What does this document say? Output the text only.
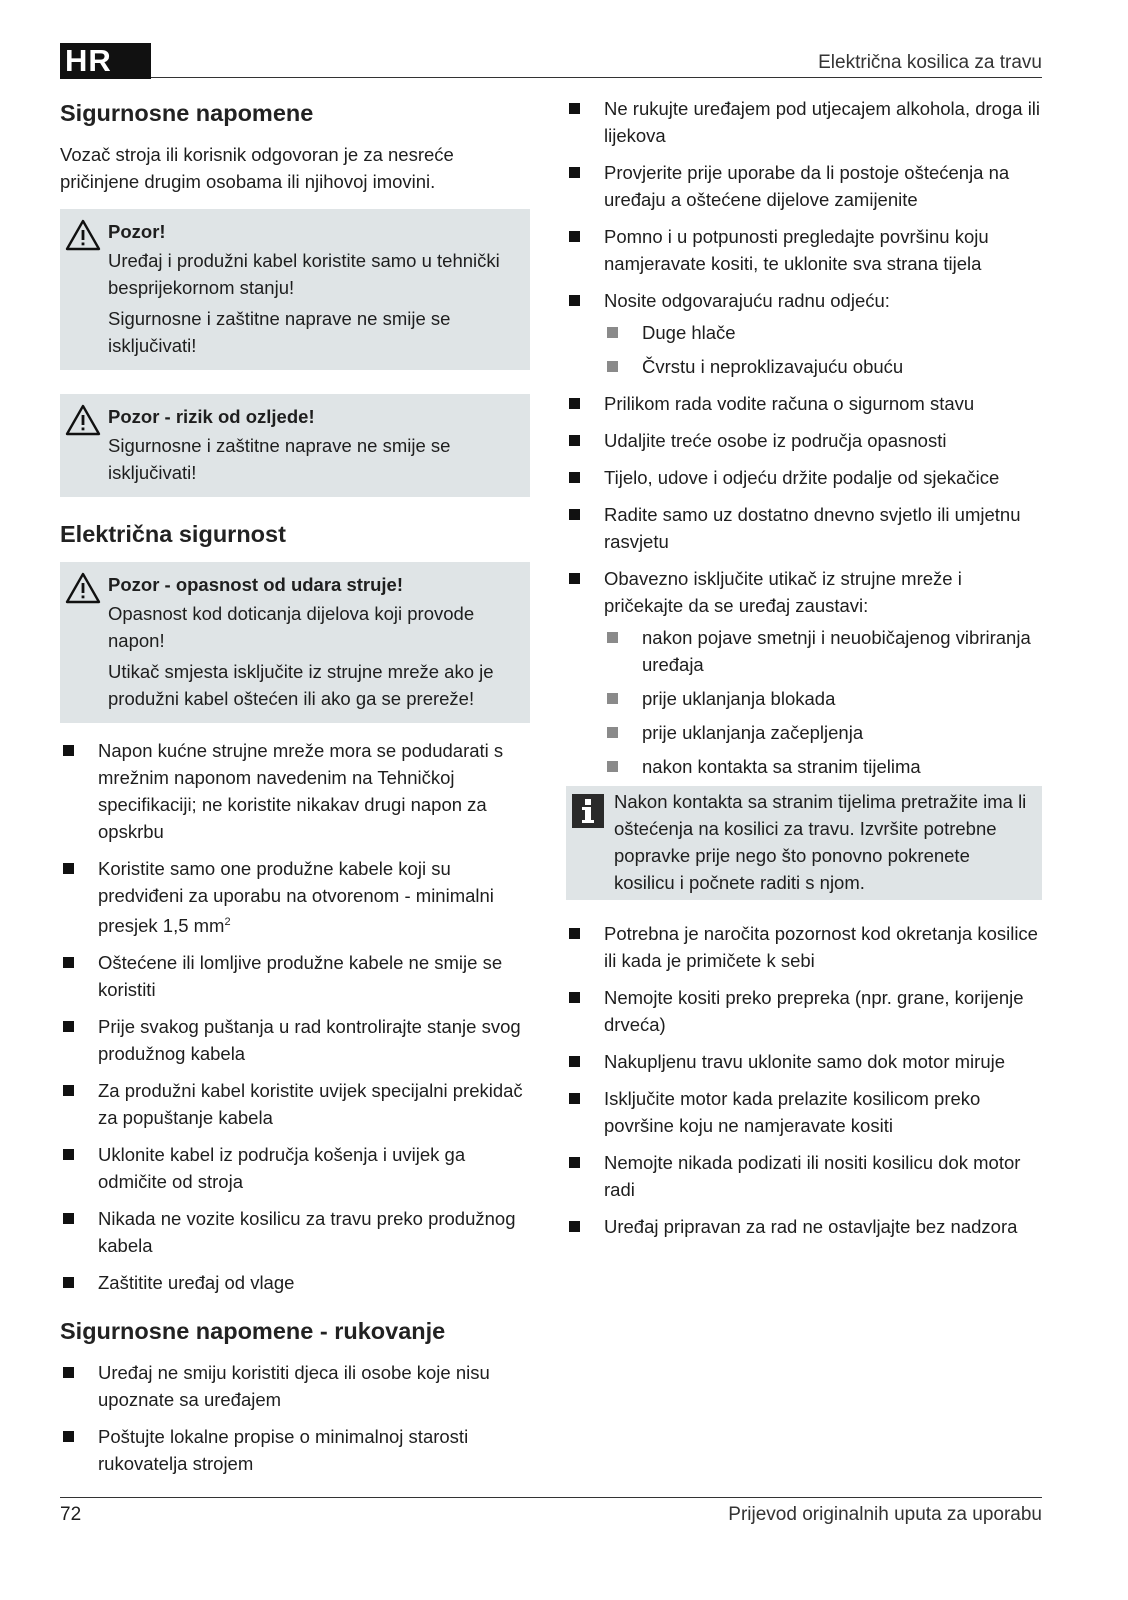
HR	Električna kosilica za travu
Sigurnosne napomene

Vozač stroja ili korisnik odgovoran je za nesreće pričinjene drugim osobama ili njihovoj imovini.

Pozor!

Uređaj i produžni kabel koristite samo u tehnički besprijekornom stanju!

Sigurnosne i zaštitne naprave ne smije se isključivati!

Pozor - rizik od ozljede!

Sigurnosne i zaštitne naprave ne smije se isključivati!

Električna sigurnost
Pozor - opasnost od udara struje!

Opasnost kod doticanja dijelova koji provode napon!

Utikač smjesta isključite iz strujne mreže ako je produžni kabel oštećen ili ako ga se prereže!

Napon kućne strujne mreže mora se podudarati s mrežnim naponom navedenim na Tehničkoj specifikaciji; ne koristite nikakav drugi napon za opskrbu
Koristite samo one produžne kabele koji su predviđeni za uporabu na otvorenom - minimalni presjek 1,5 $mm^2$
Oštećene ili lomljive produžne kabele ne smije se koristiti
Prije svakog puštanja u rad kontrolirajte stanje svog produžnog kabela
Za produžni kabel koristite uvijek specijalni prekidač za popuštanje kabela
Uklonite kabel iz područja košenja i uvijek ga odmičite od stroja
Nikada ne vozite kosilicu za travu preko produžnog kabela
Zaštitite uređaj od vlage
Sigurnosne napomene - rukovanje
Uređaj ne smiju koristiti djeca ili osobe koje nisu upoznate sa uređajem
Poštujte lokalne propise o minimalnoj starosti rukovatelja strojem
Ne rukujte uređajem pod utjecajem alkohola, droga ili lijekova
Provjerite prije uporabe da li postoje oštećenja na uređaju a oštećene dijelove zamijenite
Pomno i u potpunosti pregledajte površinu koju namjeravate kositi, te uklonite sva strana tijela
Nosite odgovarajuću radnu odjeću:
Duge hlače
Čvrstu i neproklizavajuću obuću
Prilikom rada vodite računa o sigurnom stavu
Udaljite treće osobe iz područja opasnosti
Tijelo, udove i odjeću držite podalje od sjekačice
Radite samo uz dostatno dnevno svjetlo ili umjetnu rasvjetu
Obavezno isključite utikač iz strujne mreže i pričekajte da se uređaj zaustavi:
nakon pojave smetnji i neuobičajenog vibriranja uređaja
prije uklanjanja blokada
prije uklanjanja začepljenja
nakon kontakta sa stranim tijelima

Nakon kontakta sa stranim tijelima pretražite ima li oštećenja na kosilici za travu. Izvršite potrebne popravke prije nego što ponovno pokrenete kosilicu i počnete raditi s njom.

Potrebna je naročita pozornost kod okretanja kosilice ili kada je primičete k sebi
Nemojte kositi preko prepreka (npr. grane, korijenje drveća)
Nakupljenu travu uklonite samo dok motor miruje
Isključite motor kada prelazite kosilicom preko površine koju ne namjeravate kositi
Nemojte nikada podizati ili nositi kosilicu dok motor radi
Uređaj pripravan za rad ne ostavljajte bez nadzora
72	Prijevod originalnih uputa za uporabu
